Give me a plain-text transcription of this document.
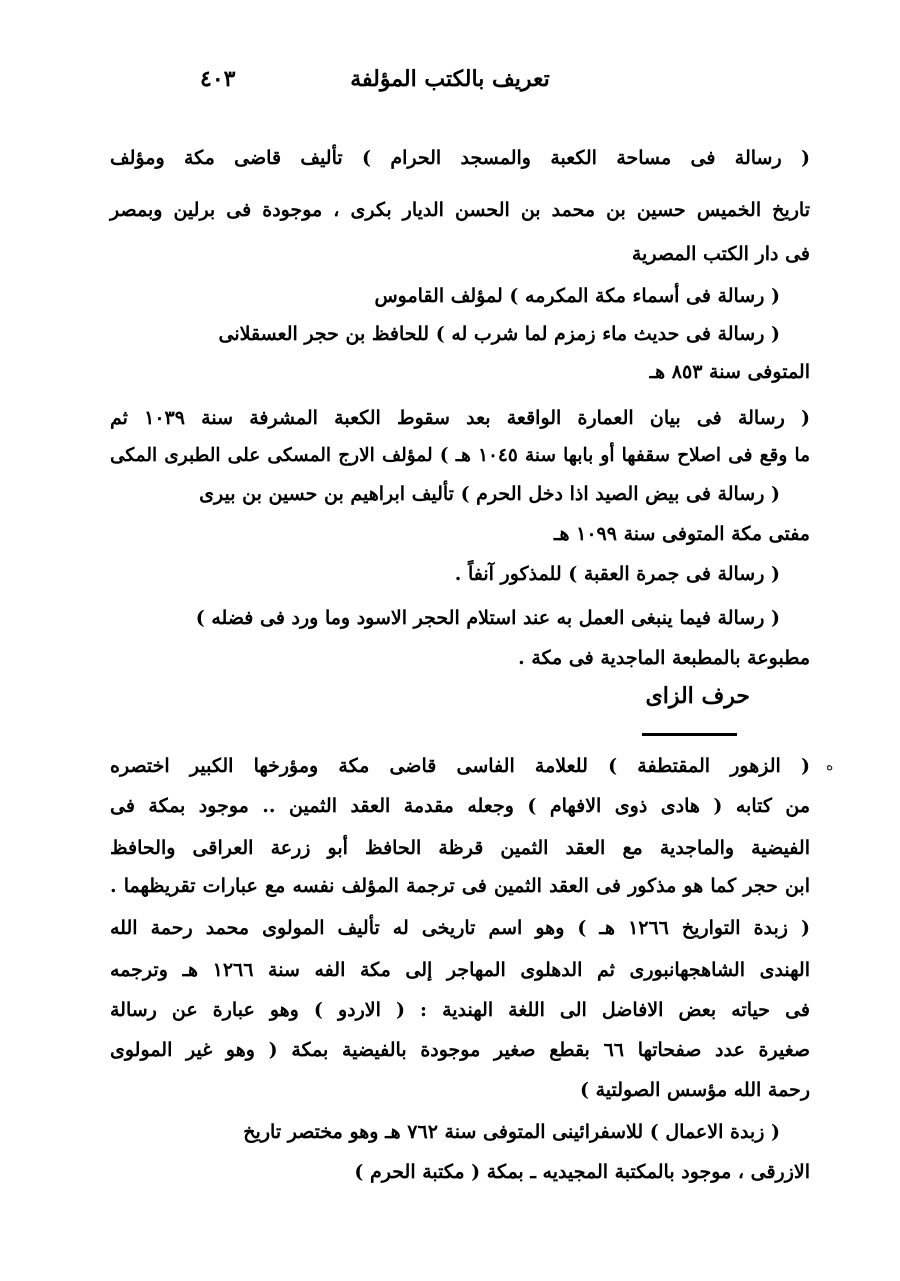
تعريف بالكتب المؤلفة
٤٠٣
( رسالة فى مساحة الكعبة والمسجد الحرام ) تأليف قاضى مكة ومؤلف
تاريخ الخميس حسين بن محمد بن الحسن الديار بكرى ، موجودة فى برلين وبمصر
فى دار الكتب المصرية
( رسالة فى أسماء مكة المكرمه ) لمؤلف القاموس
( رسالة فى حديث ماء زمزم لما شرب له ) للحافظ بن حجر العسقلانى
المتوفى سنة ٨٥٣ هـ
( رسالة فى بيان العمارة الواقعة بعد سقوط الكعبة المشرفة سنة ١٠٣٩ ثم
ما وقع فى اصلاح سقفها أو بابها سنة ١٠٤٥ هـ ) لمؤلف الارج المسكى على الطبرى المكى
( رسالة فى بيض الصيد اذا دخل الحرم ) تأليف ابراهيم بن حسين بن بيرى
مفتى مكة المتوفى سنة ١٠٩٩ هـ
( رسالة فى جمرة العقبة ) للمذكور آنفاً .
( رسالة فيما ينبغى العمل به عند استلام الحجر الاسود وما ورد فى فضله )
مطبوعة بالمطبعة الماجدية فى مكة .
حرف الزاى
ه
( الزهور المقتطفة ) للعلامة الفاسى قاضى مكة ومؤرخها الكبير اختصره
من كتابه ( هادى ذوى الافهام ) وجعله مقدمة العقد الثمين .. موجود بمكة فى
الفيضية والماجدية مع العقد الثمين قرظة الحافظ أبو زرعة العراقى والحافظ
ابن حجر كما هو مذكور فى العقد الثمين فى ترجمة المؤلف نفسه مع عبارات تقريظهما .
( زبدة التواريخ ١٢٦٦ هـ ) وهو اسم تاريخى له تأليف المولوى محمد رحمة الله
الهندى الشاهجهانبورى ثم الدهلوى المهاجر إلى مكة الفه سنة ١٢٦٦ هـ وترجمه
فى حياته بعض الافاضل الى اللغة الهندية : ( الاردو ) وهو عبارة عن رسالة
صغيرة عدد صفحاتها ٦٦ بقطع صغير موجودة بالفيضية بمكة ( وهو غير المولوى
رحمة الله مؤسس الصولتية )
( زبدة الاعمال ) للاسفرائينى المتوفى سنة ٧٦٢ هـ وهو مختصر تاريخ
الازرقى ، موجود بالمكتبة المجيديه ـ بمكة ( مكتبة الحرم )
